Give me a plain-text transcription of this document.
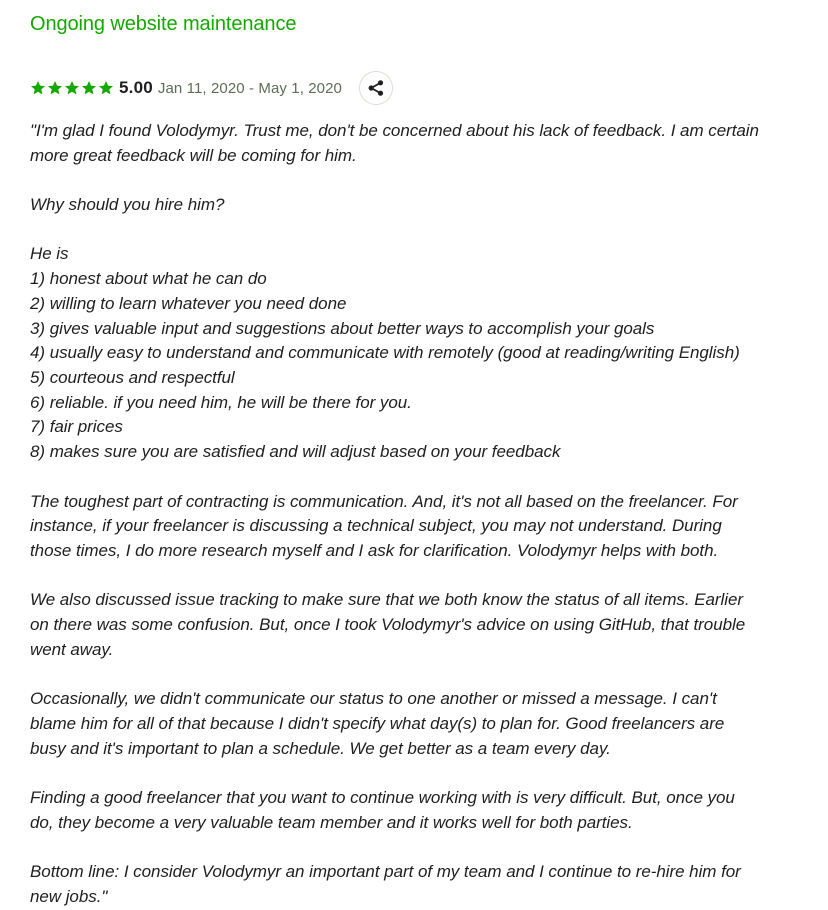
Ongoing website maintenance
5.00 Jan 11, 2020 - May 1, 2020

"I'm glad I found Volodymyr. Trust me, don't be concerned about his lack of feedback. I am certain

more great feedback will be coming for him.

Why should you hire him?

He is

1) honest about what he can do

2) willing to learn whatever you need done

3) gives valuable input and suggestions about better ways to accomplish your goals

4) usually easy to understand and communicate with remotely (good at reading/writing English)

5) courteous and respectful

6) reliable. if you need him, he will be there for you.

7) fair prices

8) makes sure you are satisfied and will adjust based on your feedback

The toughest part of contracting is communication. And, it's not all based on the freelancer. For

instance, if your freelancer is discussing a technical subject, you may not understand. During

those times, I do more research myself and I ask for clarification. Volodymyr helps with both.

We also discussed issue tracking to make sure that we both know the status of all items. Earlier

on there was some confusion. But, once I took Volodymyr's advice on using GitHub, that trouble

went away.

Occasionally, we didn't communicate our status to one another or missed a message. I can't

blame him for all of that because I didn't specify what day(s) to plan for. Good freelancers are

busy and it's important to plan a schedule. We get better as a team every day.

Finding a good freelancer that you want to continue working with is very difficult. But, once you

do, they become a very valuable team member and it works well for both parties.

Bottom line: I consider Volodymyr an important part of my team and I continue to re-hire him for

new jobs."
